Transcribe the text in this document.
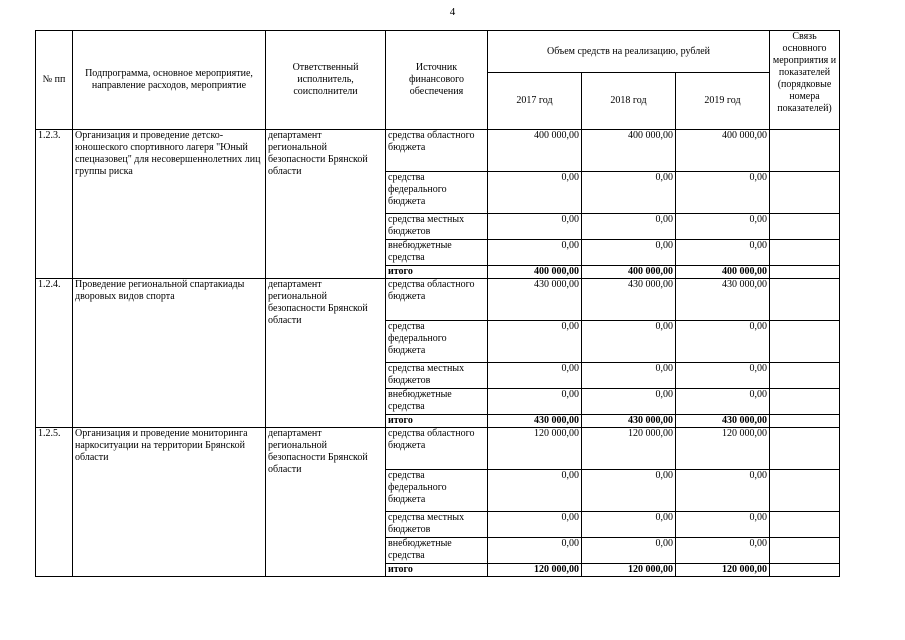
4
№ пп	Подпрограмма, основное мероприятие, направление расходов, мероприятие	Ответственный исполнитель, соисполнители	Источник финансового обеспечения	Объем средств на реализацию, рублей			Связь основного мероприятия и показателей (порядковые номера показателей)
				2017 год	2018 год	2019 год	
1.2.3.	Организация и проведение детско-юношеского спортивного лагеря "Юный спецназовец" для несовершеннолетних лиц группы риска	департамент региональной безопасности Брянской области	средства областного бюджета	400 000,00	400 000,00	400 000,00	
			средства федерального бюджета	0,00	0,00	0,00	
			средства местных бюджетов	0,00	0,00	0,00	
			внебюджетные средства	0,00	0,00	0,00	
			итого	400 000,00	400 000,00	400 000,00	
1.2.4.	Проведение региональной спартакиады дворовых видов спорта	департамент региональной безопасности Брянской области	средства областного бюджета	430 000,00	430 000,00	430 000,00	
			средства федерального бюджета	0,00	0,00	0,00	
			средства местных бюджетов	0,00	0,00	0,00	
			внебюджетные средства	0,00	0,00	0,00	
			итого	430 000,00	430 000,00	430 000,00	
1.2.5.	Организация и проведение мониторинга наркоситуации на территории Брянской области	департамент региональной безопасности Брянской области	средства областного бюджета	120 000,00	120 000,00	120 000,00	
			средства федерального бюджета	0,00	0,00	0,00	
			средства местных бюджетов	0,00	0,00	0,00	
			внебюджетные средства	0,00	0,00	0,00	
			итого	120 000,00	120 000,00	120 000,00	
